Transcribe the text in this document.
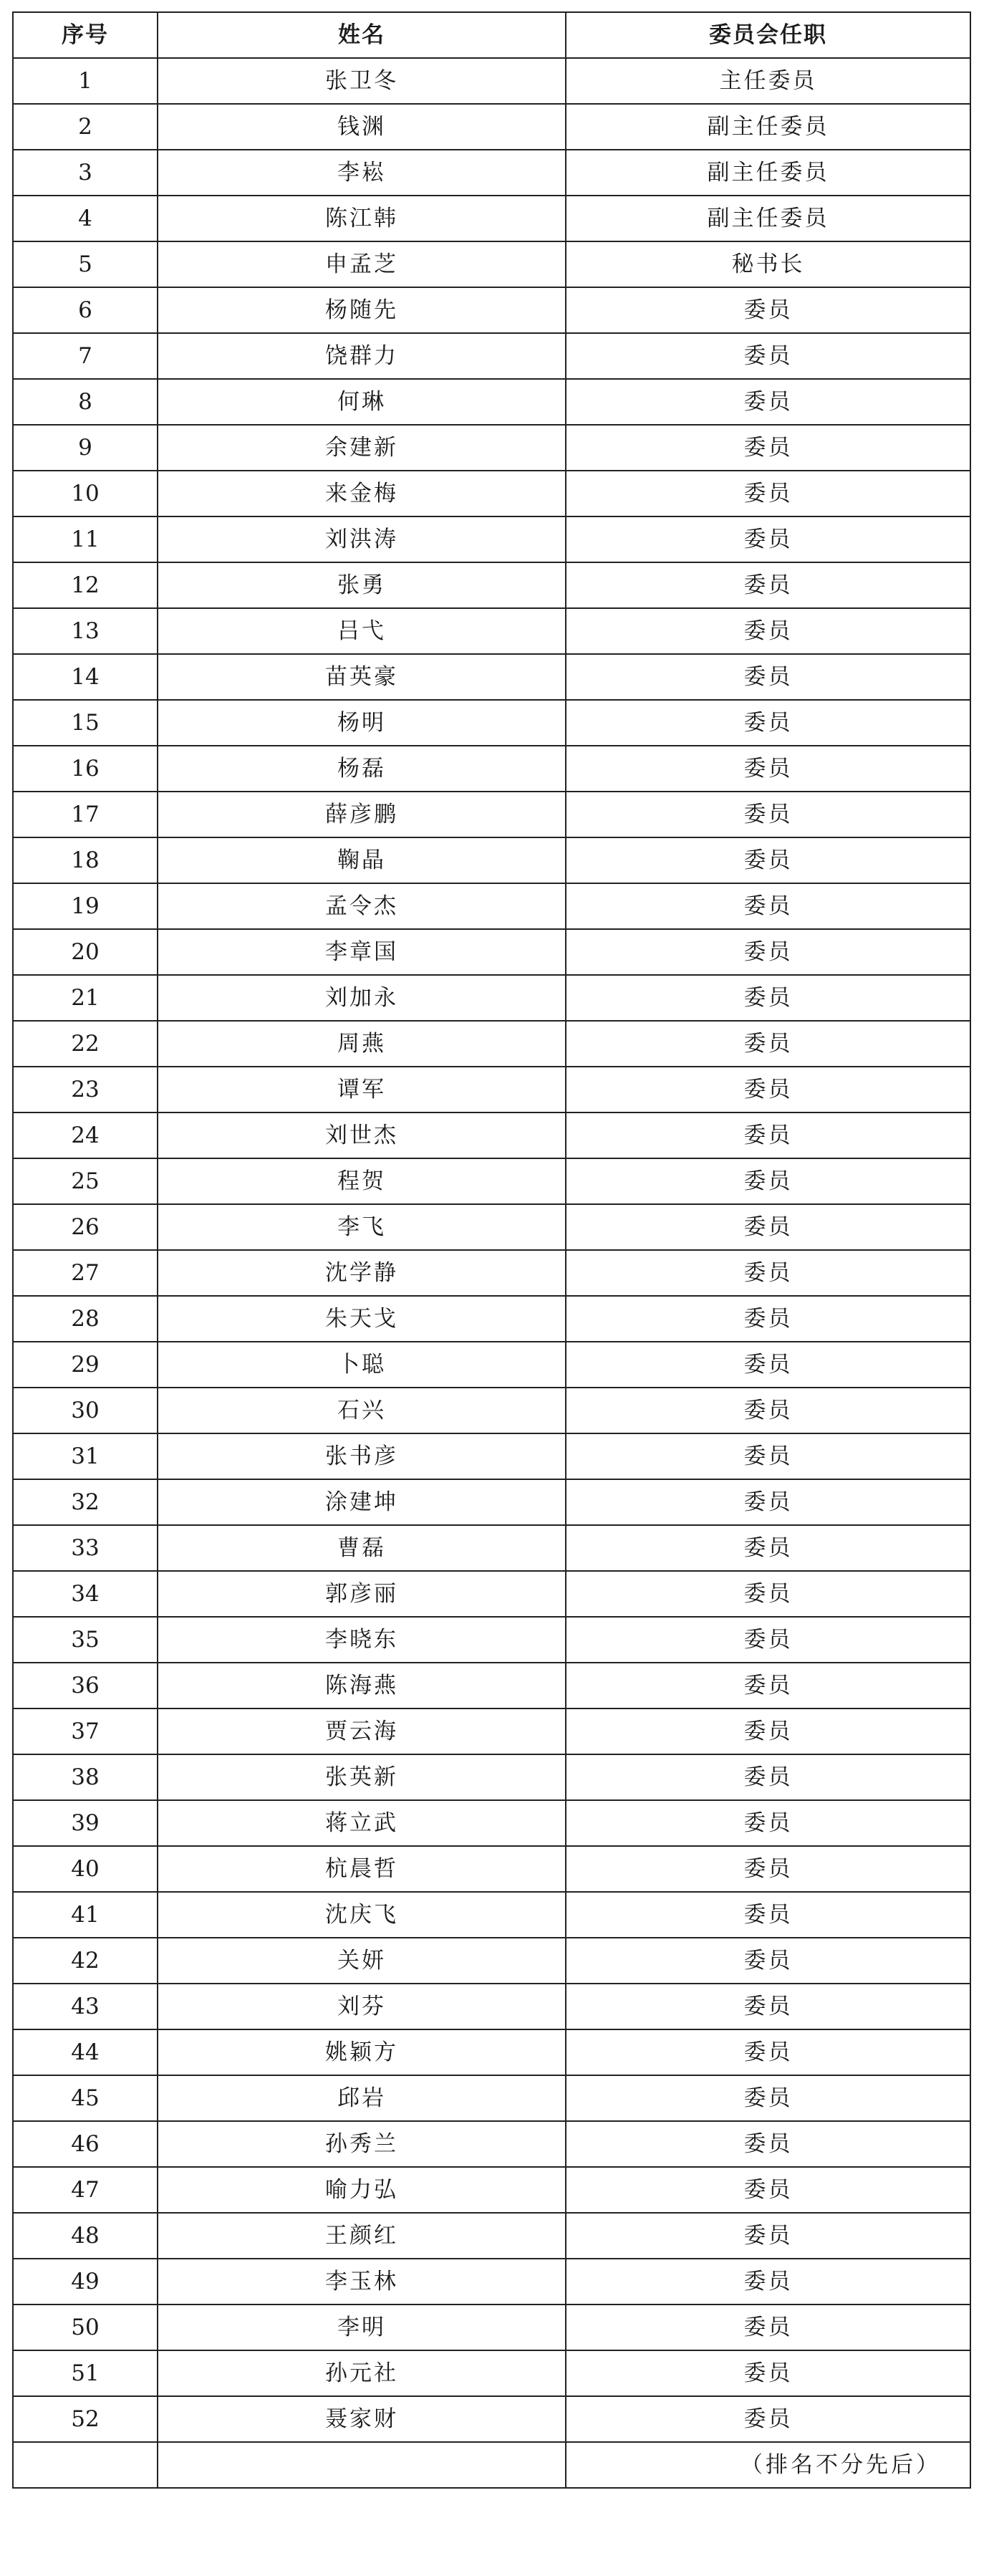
序号	姓名	委员会任职
1	张卫冬	主任委员
2	钱渊	副主任委员
3	李崧	副主任委员
4	陈江韩	副主任委员
5	申孟芝	秘书长
6	杨随先	委员
7	饶群力	委员
8	何琳	委员
9	余建新	委员
10	来金梅	委员
11	刘洪涛	委员
12	张勇	委员
13	吕弋	委员
14	苗英豪	委员
15	杨明	委员
16	杨磊	委员
17	薛彦鹏	委员
18	鞠晶	委员
19	孟令杰	委员
20	李章国	委员
21	刘加永	委员
22	周燕	委员
23	谭军	委员
24	刘世杰	委员
25	程贺	委员
26	李飞	委员
27	沈学静	委员
28	朱天戈	委员
29	卜聪	委员
30	石兴	委员
31	张书彦	委员
32	涂建坤	委员
33	曹磊	委员
34	郭彦丽	委员
35	李晓东	委员
36	陈海燕	委员
37	贾云海	委员
38	张英新	委员
39	蒋立武	委员
40	杭晨哲	委员
41	沈庆飞	委员
42	关妍	委员
43	刘芬	委员
44	姚颖方	委员
45	邱岩	委员
46	孙秀兰	委员
47	喻力弘	委员
48	王颜红	委员
49	李玉林	委员
50	李明	委员
51	孙元社	委员
52	聂家财	委员
		（排名不分先后）
